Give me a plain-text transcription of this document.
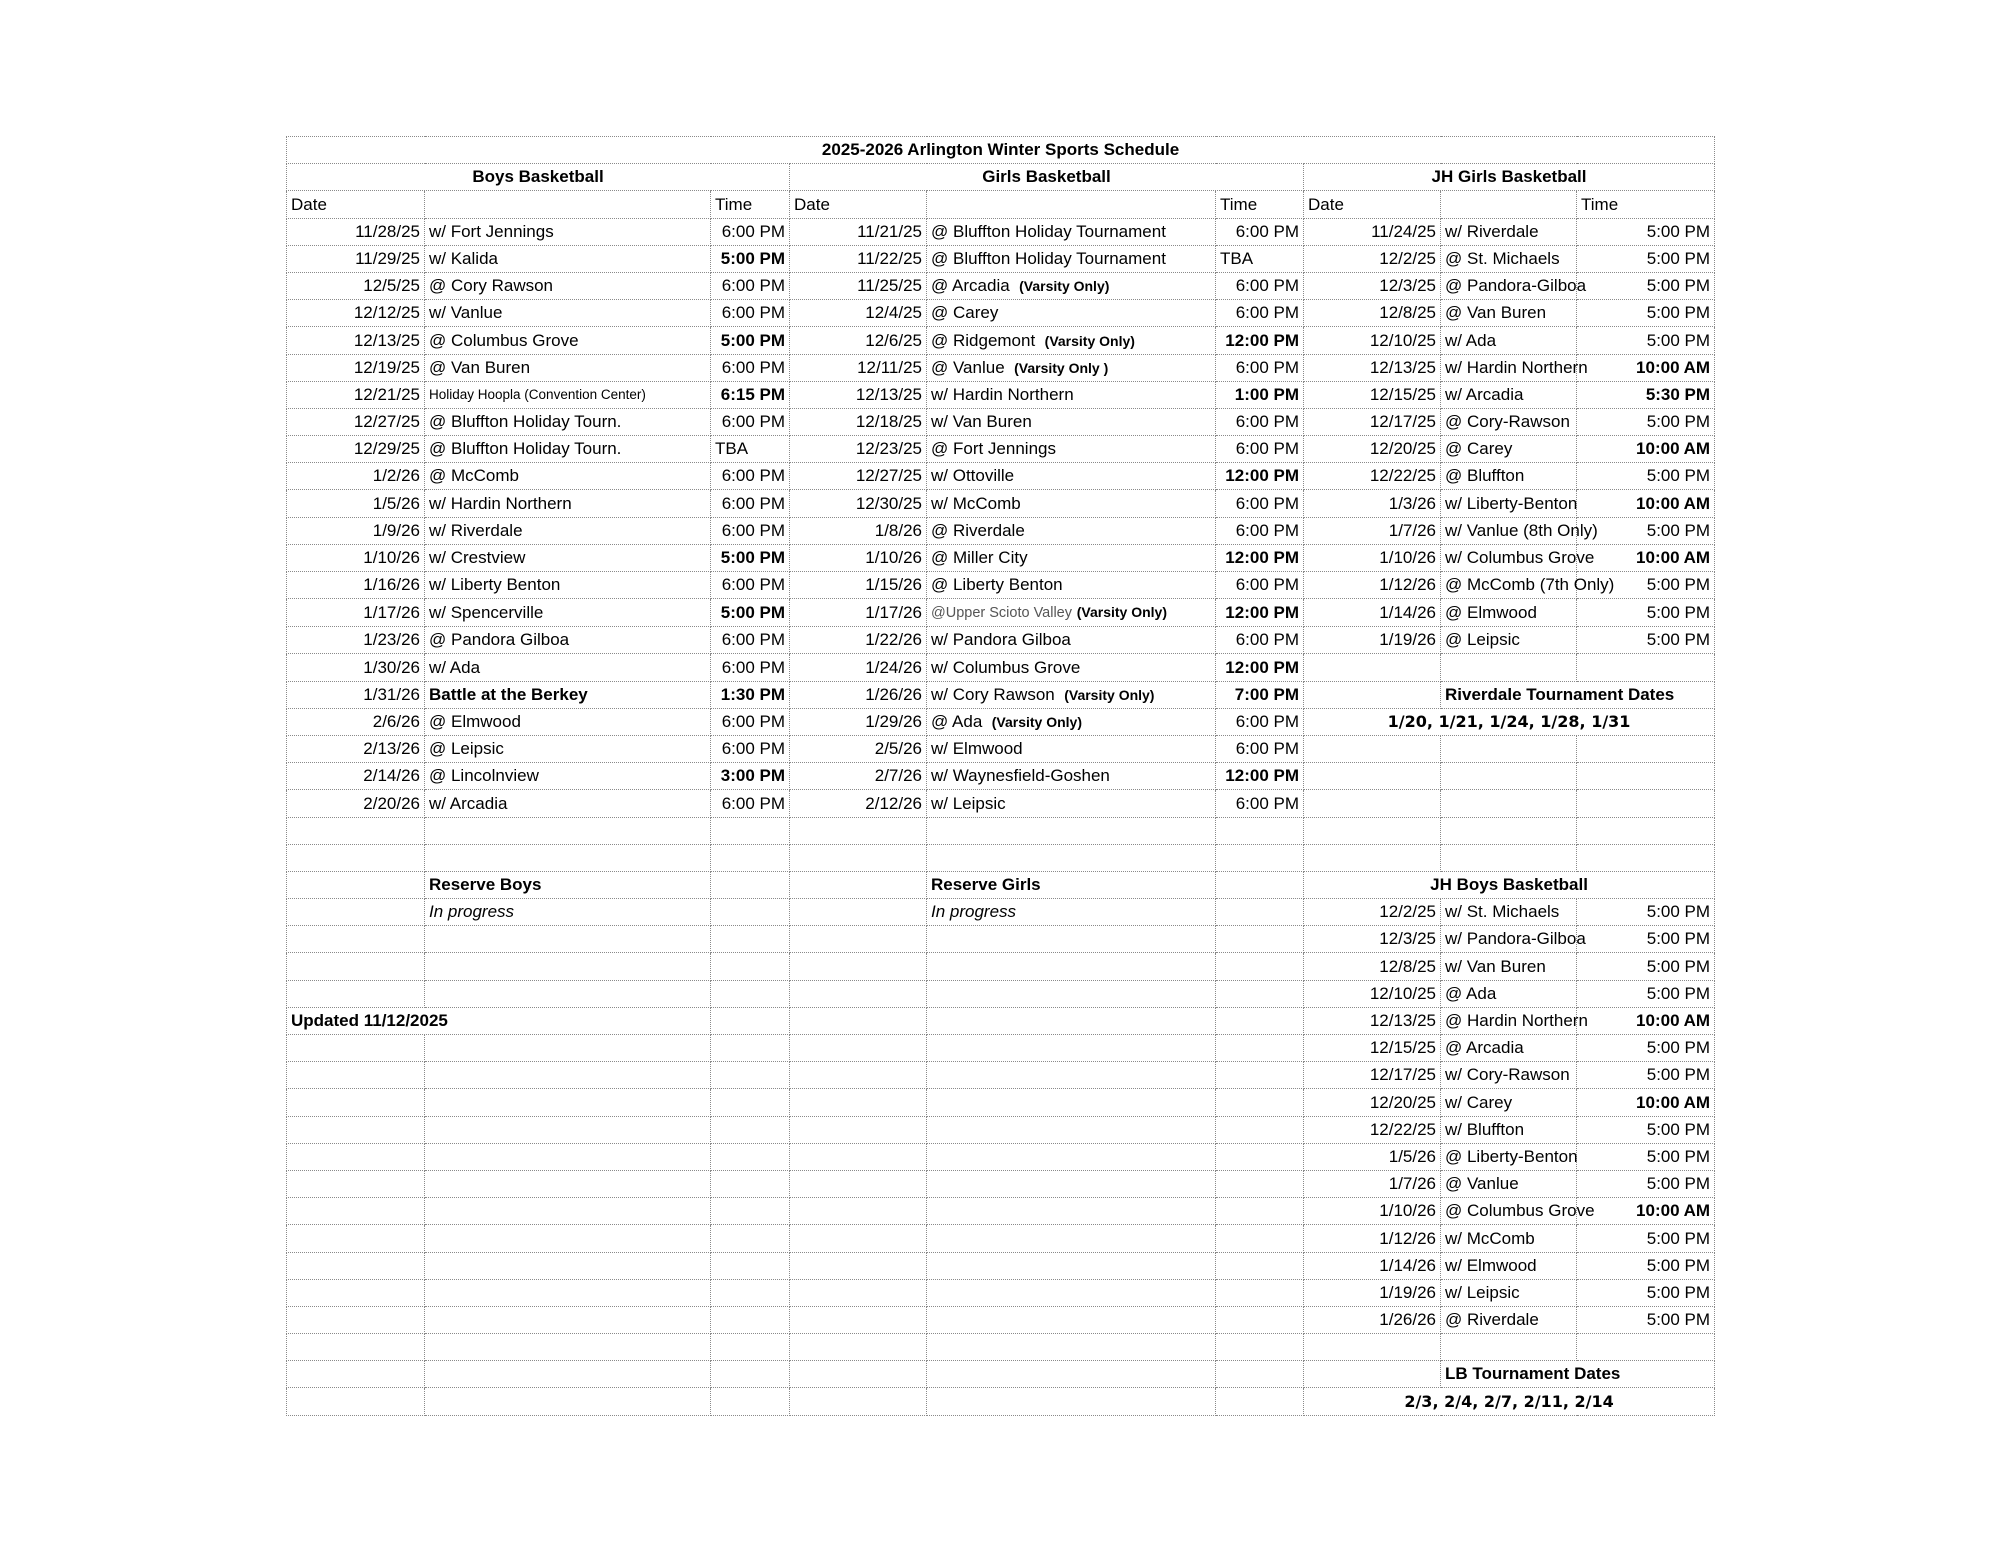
2025-2026 Arlington Winter Sports Schedule								
Boys Basketball			Girls Basketball			JH Girls Basketball		
Date		Time	Date		Time	Date		Time
11/28/25	w/ Fort Jennings	6:00 PM	11/21/25	@ Bluffton Holiday Tournament	6:00 PM	11/24/25	w/ Riverdale	5:00 PM
11/29/25	w/ Kalida	5:00 PM	11/22/25	@ Bluffton Holiday Tournament	TBA	12/2/25	@ St. Michaels	5:00 PM
12/5/25	@ Cory Rawson	6:00 PM	11/25/25	@ Arcadia  (Varsity Only)	6:00 PM	12/3/25	@ Pandora-Gilboa	5:00 PM
12/12/25	w/ Vanlue	6:00 PM	12/4/25	@ Carey	6:00 PM	12/8/25	@ Van Buren	5:00 PM
12/13/25	@ Columbus Grove	5:00 PM	12/6/25	@ Ridgemont  (Varsity Only)	12:00 PM	12/10/25	w/ Ada	5:00 PM
12/19/25	@ Van Buren	6:00 PM	12/11/25	@ Vanlue  (Varsity Only )	6:00 PM	12/13/25	w/ Hardin Northern	10:00 AM
12/21/25	Holiday Hoopla (Convention Center)	6:15 PM	12/13/25	w/ Hardin Northern	1:00 PM	12/15/25	w/ Arcadia	5:30 PM
12/27/25	@ Bluffton Holiday Tourn.	6:00 PM	12/18/25	w/ Van Buren	6:00 PM	12/17/25	@ Cory-Rawson	5:00 PM
12/29/25	@ Bluffton Holiday Tourn.	TBA	12/23/25	@ Fort Jennings	6:00 PM	12/20/25	@ Carey	10:00 AM
1/2/26	@ McComb	6:00 PM	12/27/25	w/ Ottoville	12:00 PM	12/22/25	@ Bluffton	5:00 PM
1/5/26	w/ Hardin Northern	6:00 PM	12/30/25	w/ McComb	6:00 PM	1/3/26	w/ Liberty-Benton	10:00 AM
1/9/26	w/ Riverdale	6:00 PM	1/8/26	@ Riverdale	6:00 PM	1/7/26	w/ Vanlue (8th Only)	5:00 PM
1/10/26	w/ Crestview	5:00 PM	1/10/26	@ Miller City	12:00 PM	1/10/26	w/ Columbus Grove	10:00 AM
1/16/26	w/ Liberty Benton	6:00 PM	1/15/26	@ Liberty Benton	6:00 PM	1/12/26	@ McComb (7th Only)	5:00 PM
1/17/26	w/ Spencerville	5:00 PM	1/17/26	@Upper Scioto Valley (Varsity Only)	12:00 PM	1/14/26	@ Elmwood	5:00 PM
1/23/26	@ Pandora Gilboa	6:00 PM	1/22/26	w/ Pandora Gilboa	6:00 PM	1/19/26	@ Leipsic	5:00 PM
1/30/26	w/ Ada	6:00 PM	1/24/26	w/ Columbus Grove	12:00 PM			
1/31/26	Battle at the Berkey	1:30 PM	1/26/26	w/ Cory Rawson  (Varsity Only)	7:00 PM		Riverdale Tournament Dates	
2/6/26	@ Elmwood	6:00 PM	1/29/26	@ Ada  (Varsity Only)	6:00 PM	1/20, 1/21, 1/24, 1/28, 1/31		
2/13/26	@ Leipsic	6:00 PM	2/5/26	w/ Elmwood	6:00 PM			
2/14/26	@ Lincolnview	3:00 PM	2/7/26	w/ Waynesfield-Goshen	12:00 PM			
2/20/26	w/ Arcadia	6:00 PM	2/12/26	w/ Leipsic	6:00 PM			

	Reserve Boys			Reserve Girls		JH Boys Basketball		
	In progress			In progress		12/2/25	w/ St. Michaels	5:00 PM
						12/3/25	w/ Pandora-Gilboa	5:00 PM
						12/8/25	w/ Van Buren	5:00 PM
						12/10/25	@ Ada	5:00 PM
Updated 11/12/2025						12/13/25	@ Hardin Northern	10:00 AM
						12/15/25	@ Arcadia	5:00 PM
						12/17/25	w/ Cory-Rawson	5:00 PM
						12/20/25	w/ Carey	10:00 AM
						12/22/25	w/ Bluffton	5:00 PM
						1/5/26	@ Liberty-Benton	5:00 PM
						1/7/26	@ Vanlue	5:00 PM
						1/10/26	@ Columbus Grove	10:00 AM
						1/12/26	w/ McComb	5:00 PM
						1/14/26	w/ Elmwood	5:00 PM
						1/19/26	w/ Leipsic	5:00 PM
						1/26/26	@ Riverdale	5:00 PM

							LB Tournament Dates	
						2/3, 2/4, 2/7, 2/11, 2/14		
